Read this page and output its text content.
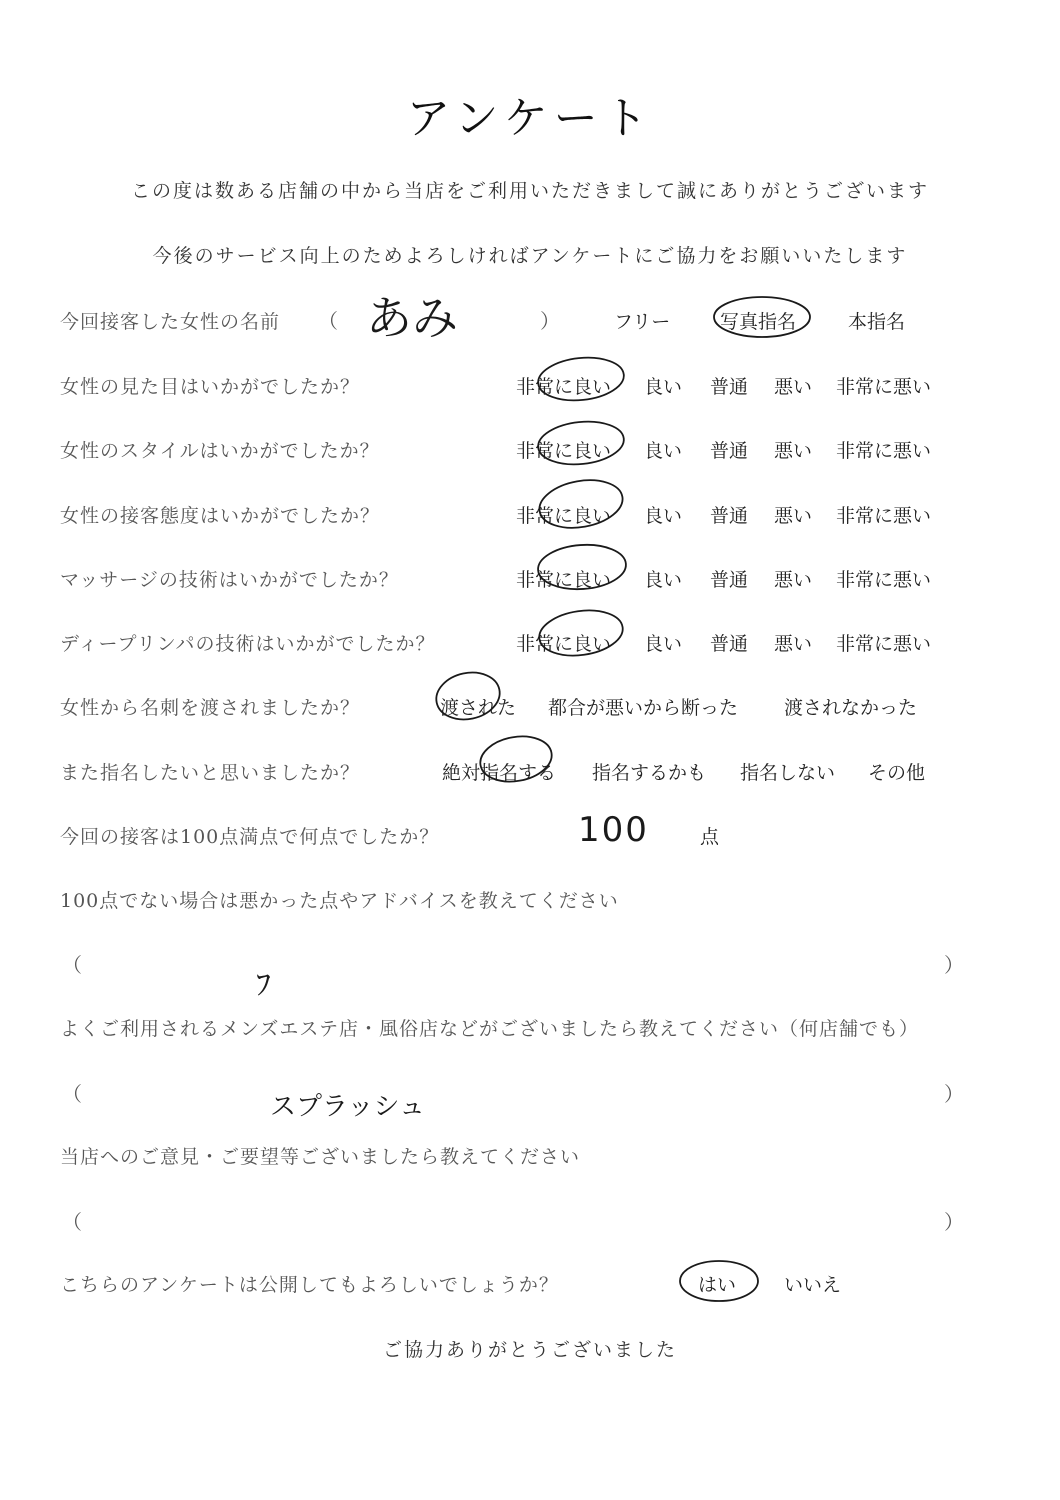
アンケート
この度は数ある店舗の中から当店をご利用いただきまして誠にありがとうございます
今後のサービス向上のためよろしければアンケートにご協力をお願いいたします
今回接客した女性の名前 （ あみ	）	フリー	写真指名	本指名
女性の見た目はいかがでしたか？	非常に良い 良い 普通 悪い 非常に悪い
女性のスタイルはいかがでしたか？	非常に良い 良い 普通 悪い 非常に悪い
女性の接客態度はいかがでしたか？	非常に良い 良い 普通 悪い 非常に悪い
マッサージの技術はいかがでしたか？	非常に良い 良い 普通 悪い 非常に悪い
ディープリンパの技術はいかがでしたか？	非常に良い 良い 普通 悪い 非常に悪い
女性から名刺を渡されましたか？	渡された 都合が悪いから断った 渡されなかった
また指名したいと思いましたか？	絶対指名する 指名するかも 指名しない その他
今回の接客は100点満点で何点でしたか？	100	点
100点でない場合は悪かった点やアドバイスを教えてください
（
ﾌ
）
よくご利用されるメンズエステ店・風俗店などがございましたら教えてください（何店舗でも）
（	スプラッシュ	）
当店へのご意見・ご要望等ございましたら教えてください
（	）
こちらのアンケートは公開してもよろしいでしょうか？	はい	いいえ
ご協力ありがとうございました
